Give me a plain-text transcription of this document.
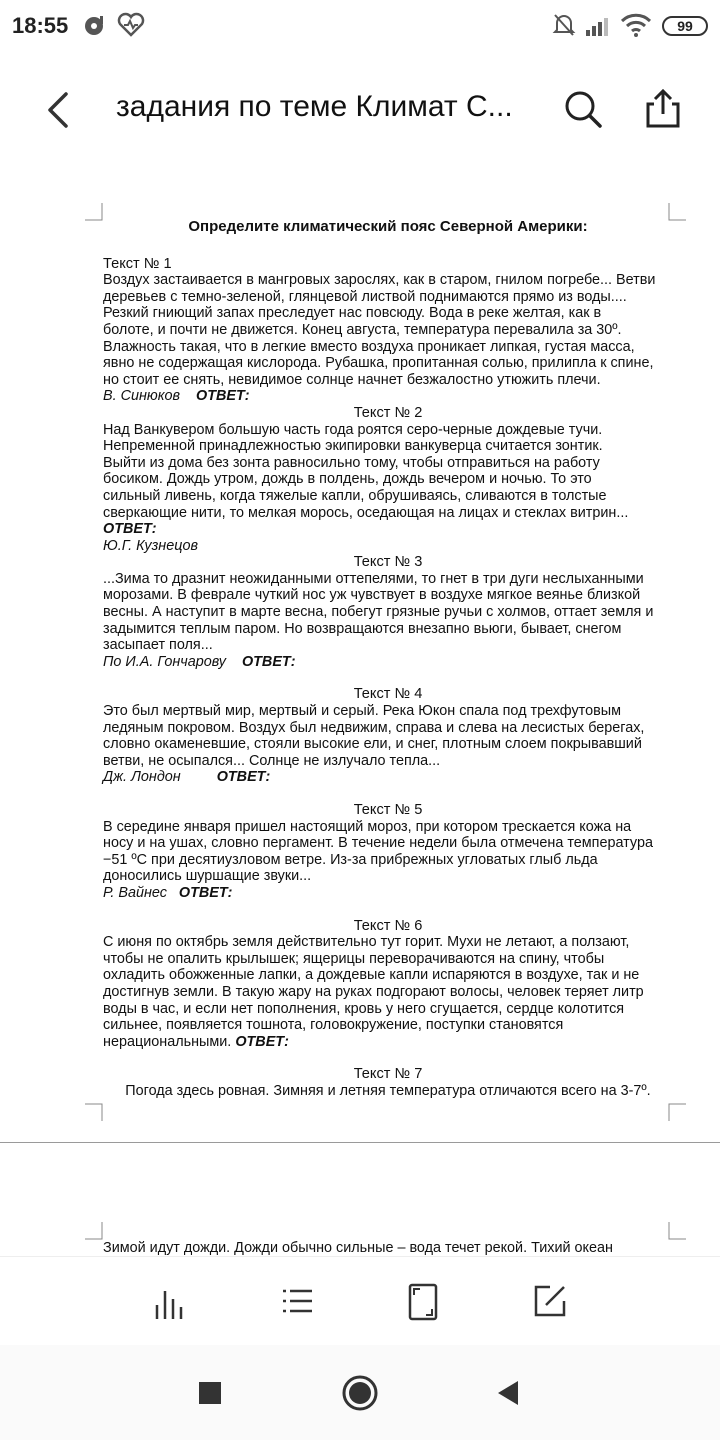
18:55	99
задания по теме Климат С...
Определите климатический пояс Северной Америки:
Текст № 1
Воздух застаивается в мангровых зарослях, как в старом, гнилом погребе... Ветви
деревьев с темно-зеленой, глянцевой листвой поднимаются прямо из воды....
Резкий гниющий запах преследует нас повсюду. Вода в реке желтая, как в
болоте, и почти не движется. Конец августа, температура перевалила за 30º.
Влажность такая, что в легкие вместо воздуха проникает липкая, густая масса,
явно не содержащая кислорода. Рубашка, пропитанная солью, прилипла к спине,
но стоит ее снять, невидимое солнце начнет безжалостно утюжить плечи.
В. Синюков ОТВЕТ:
Текст № 2
Над Ванкувером большую часть года роятся серо-черные дождевые тучи.
Непременной принадлежностью экипировки ванкуверца считается зонтик.
Выйти из дома без зонта равносильно тому, чтобы отправиться на работу
босиком. Дождь утром, дождь в полдень, дождь вечером и ночью. То это
сильный ливень, когда тяжелые капли, обрушиваясь, сливаются в толстые
сверкающие нити, то мелкая морось, оседающая на лицах и стеклах витрин...
ОТВЕТ:
Ю.Г. Кузнецов
Текст № 3
...Зима то дразнит неожиданными оттепелями, то гнет в три дуги неслыханными
морозами. В феврале чуткий нос уж чувствует в воздухе мягкое веянье близкой
весны. А наступит в марте весна, побегут грязные ручьи с холмов, оттает земля и
задымится теплым паром. Но возвращаются внезапно вьюги, бывает, снегом
засыпает поля...
По И.А. Гончарову ОТВЕТ:
Текст № 4
Это был мертвый мир, мертвый и серый. Река Юкон спала под трехфутовым
ледяным покровом. Воздух был недвижим, справа и слева на лесистых берегах,
словно окаменевшие, стояли высокие ели, и снег, плотным слоем покрывавший
ветви, не осыпался... Солнце не излучало тепла...
Дж. Лондон ОТВЕТ:
Текст № 5
В середине января пришел настоящий мороз, при котором трескается кожа на
носу и на ушах, словно пергамент. В течение недели была отмечена температура
−51 ºС при десятиузловом ветре. Из-за прибрежных угловатых глыб льда
доносились шуршащие звуки...
Р. Вайнес ОТВЕТ:
Текст № 6
С июня по октябрь земля действительно тут горит. Мухи не летают, а ползают,
чтобы не опалить крылышек; ящерицы переворачиваются на спину, чтобы
охладить обожженные лапки, а дождевые капли испаряются в воздухе, так и не
достигнув земли. В такую жару на руках подгорают волосы, человек теряет литр
воды в час, и если нет пополнения, кровь у него сгущается, сердце колотится
сильнее, появляется тошнота, головокружение, поступки становятся
нерациональными. ОТВЕТ:
Текст № 7
Погода здесь ровная. Зимняя и летняя температура отличаются всего на 3-7º.
Зимой идут дожди. Дожди обычно сильные – вода течет рекой. Тихий океан
